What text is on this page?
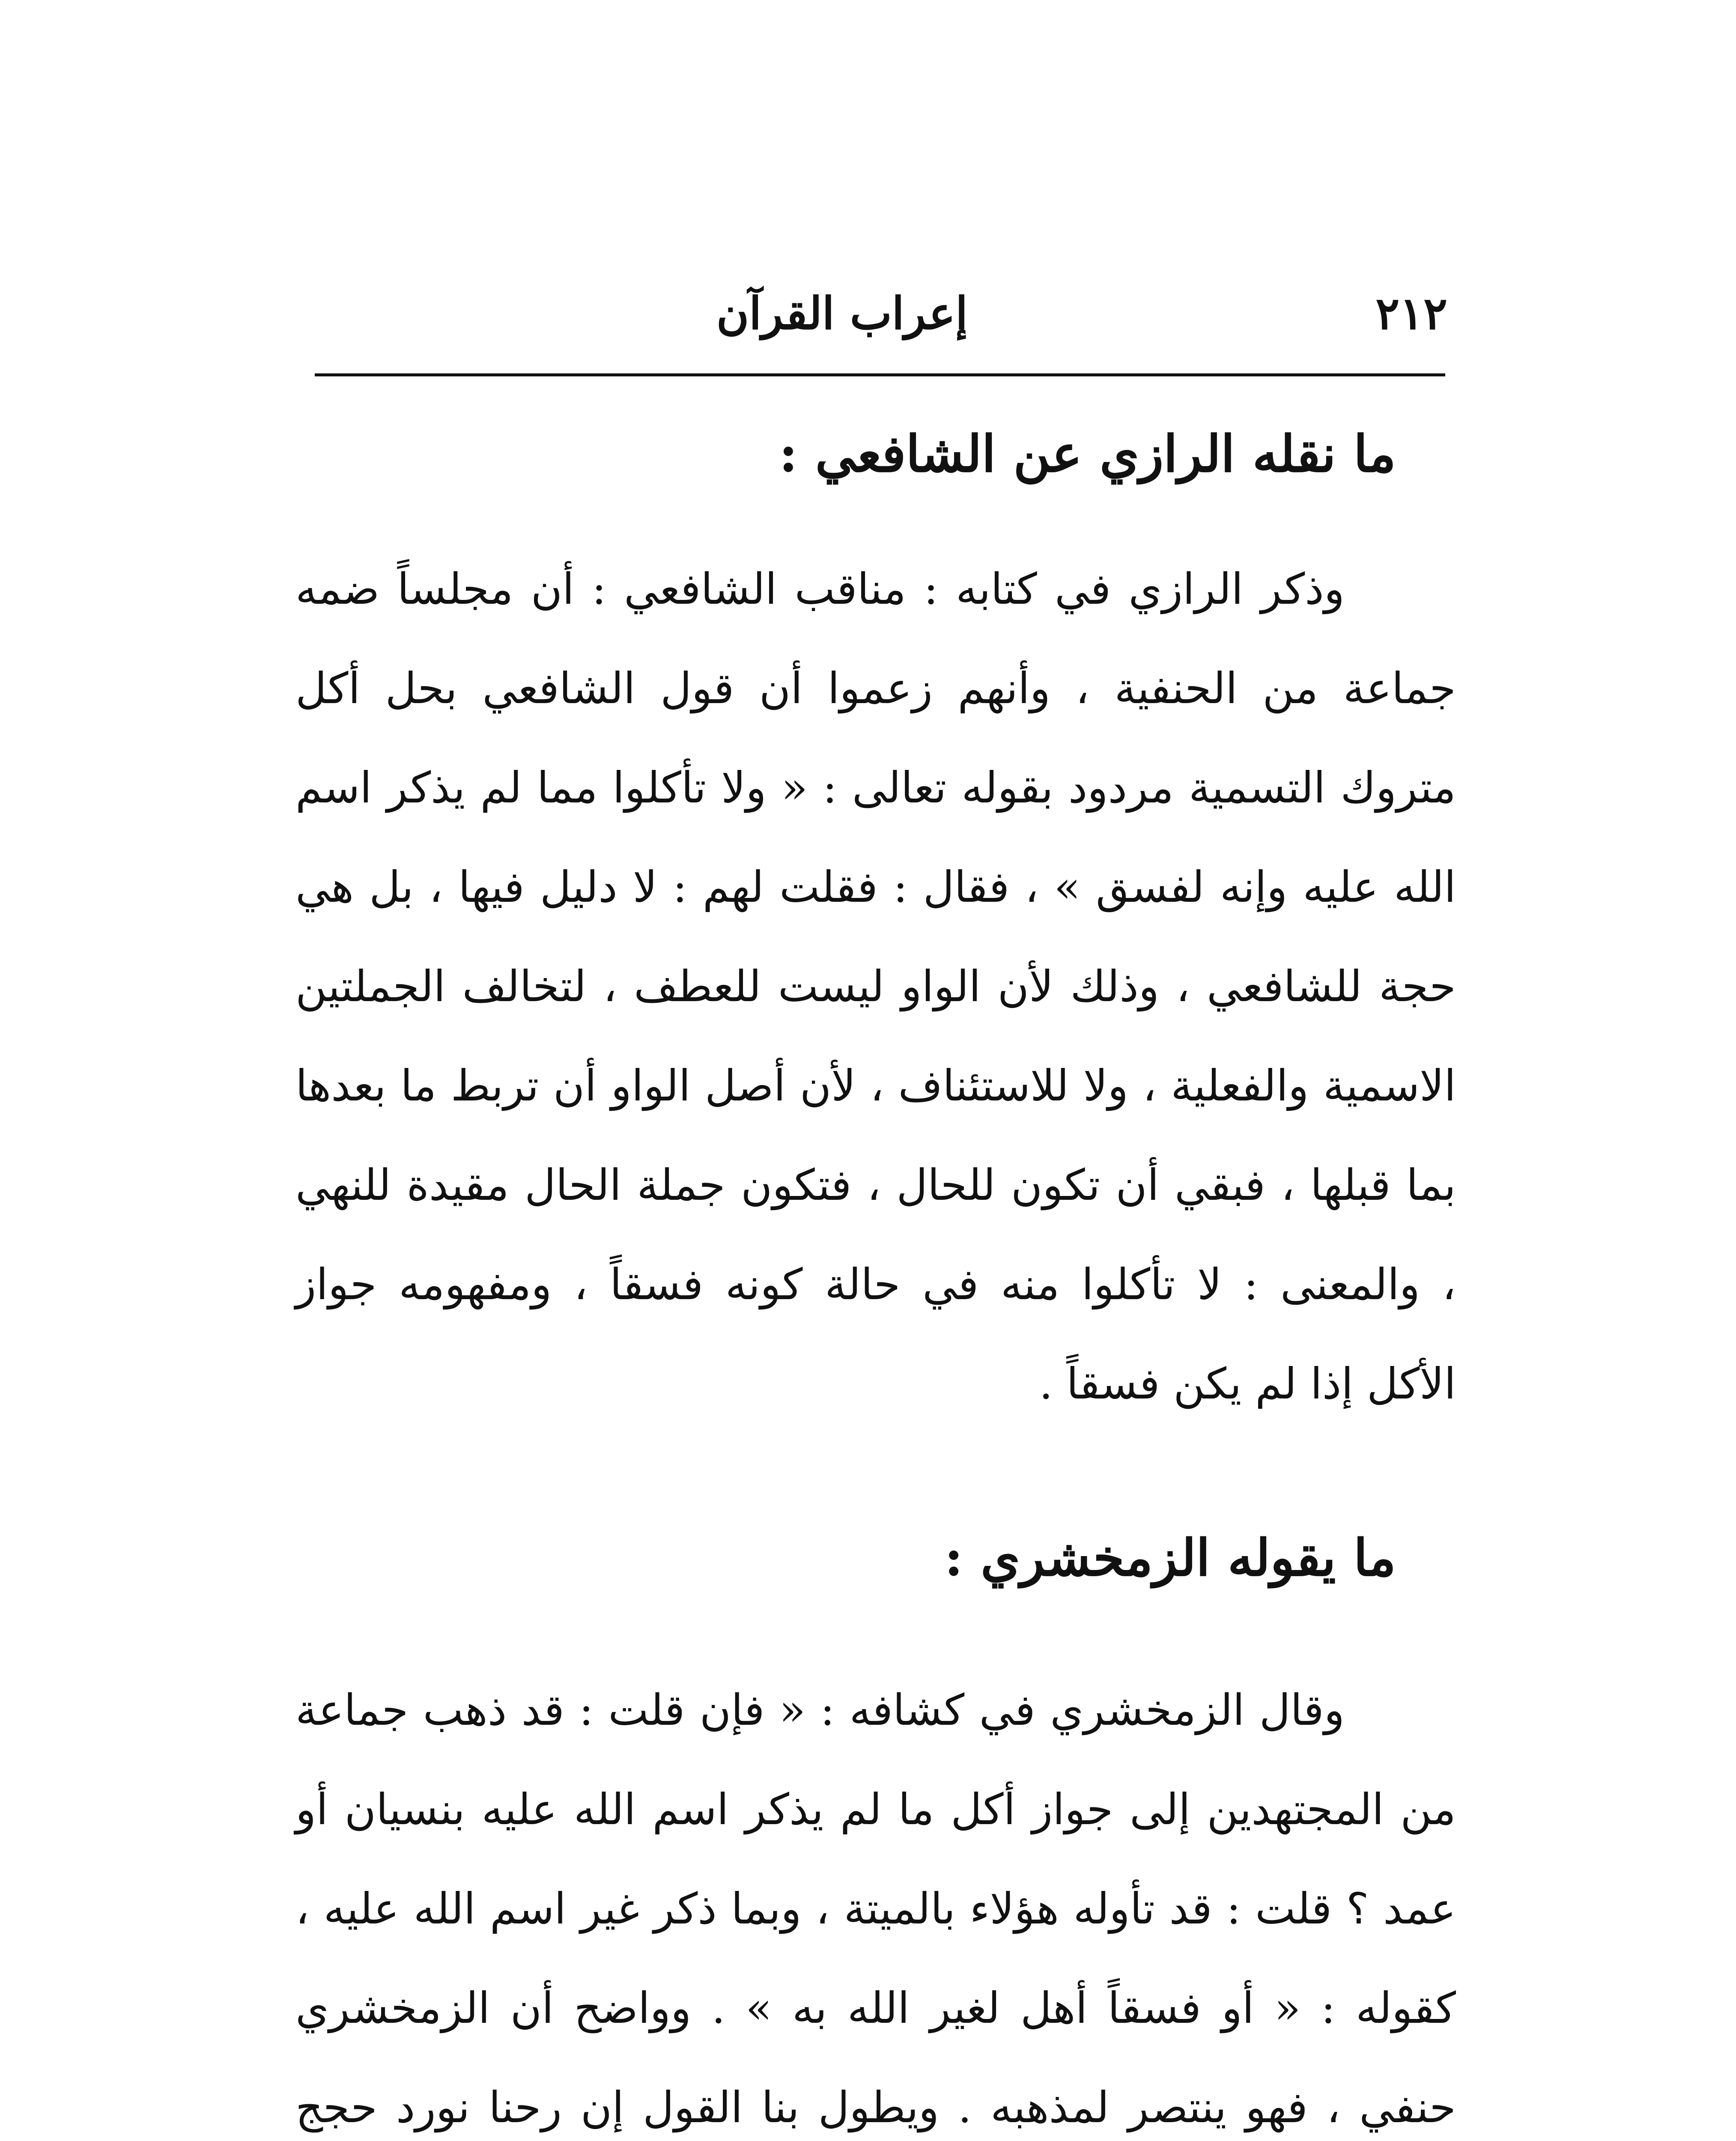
٢١٢
إعراب القرآن
ما نقله الرازي عن الشافعي :

وذكر الرازي في كتابه : مناقب الشافعي : أن مجلساً ضمه جماعة من الحنفية ، وأنهم زعموا أن قول الشافعي بحل أكل متروك التسمية مردود بقوله تعالى : « ولا تأكلوا مما لم يذكر اسم الله عليه وإنه لفسق » ، فقال : فقلت لهم : لا دليل فيها ، بل هي حجة للشافعي ، وذلك لأن الواو ليست للعطف ، لتخالف الجملتين الاسمية والفعلية ، ولا للاستئناف ، لأن أصل الواو أن تربط ما بعدها بما قبلها ، فبقي أن تكون للحال ، فتكون جملة الحال مقيدة للنهي ، والمعنى : لا تأكلوا منه في حالة كونه فسقاً ، ومفهومه جواز الأكل إذا لم يكن فسقاً .

ما يقوله الزمخشري :

وقال الزمخشري في كشافه : « فإن قلت : قد ذهب جماعة من المجتهدين إلى جواز أكل ما لم يذكر اسم الله عليه بنسيان أو عمد ؟ قلت : قد تأوله هؤلاء بالميتة ، وبما ذكر غير اسم الله عليه ، كقوله : « أو فسقاً أهل لغير الله به » . وواضح أن الزمخشري حنفي ، فهو ينتصر لمذهبه . ويطول بنا القول إن رحنا نورد حجج
